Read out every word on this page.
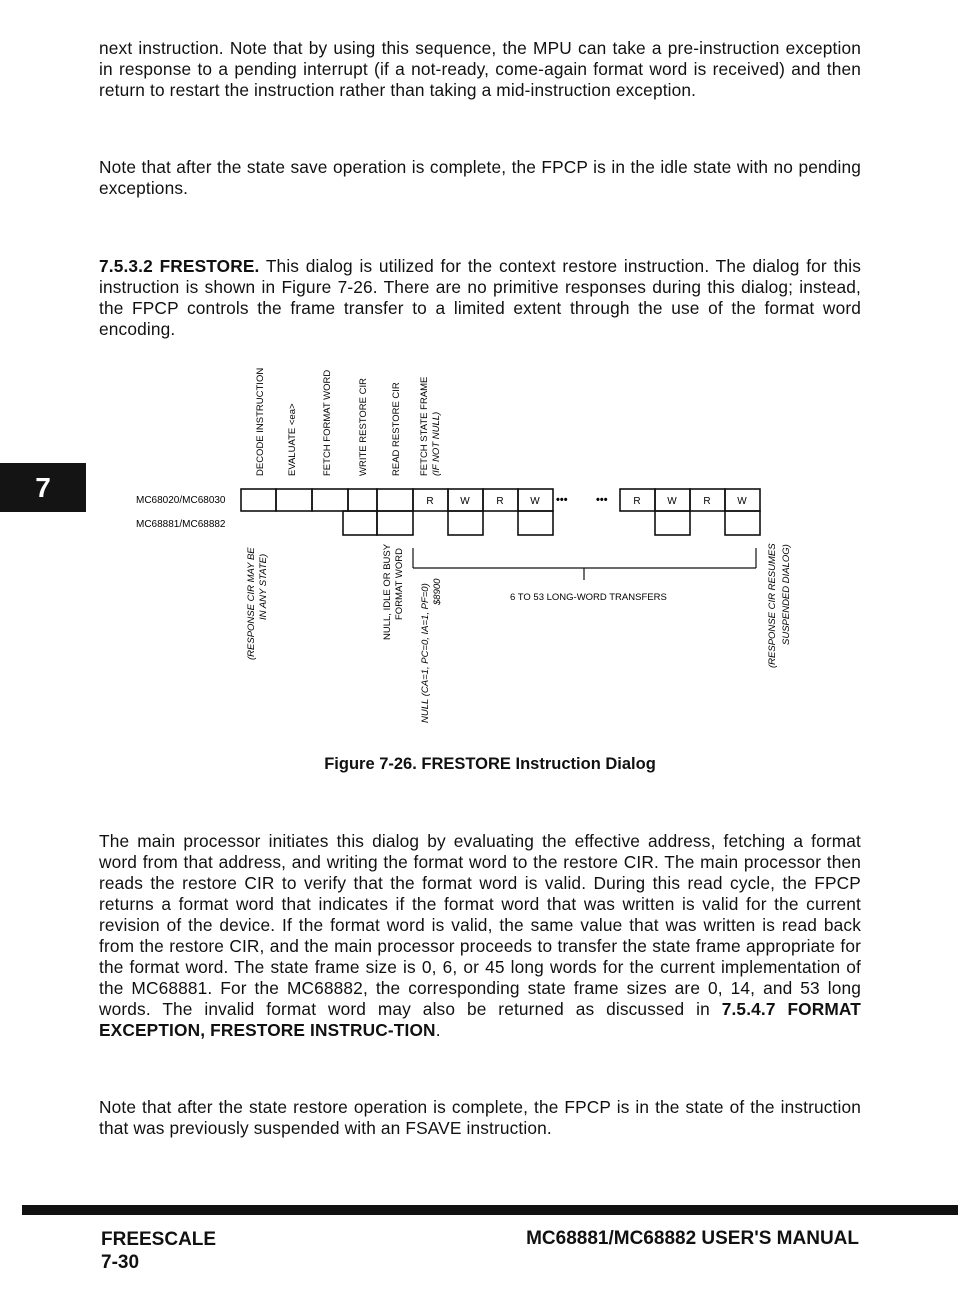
next instruction. Note that by using this sequence, the MPU can take a pre-instruction exception in response to a pending interrupt (if a not-ready, come-again format word is received) and then return to restart the instruction rather than taking a mid-instruction exception.
Note that after the state save operation is complete, the FPCP is in the idle state with no pending exceptions.
7.5.3.2 FRESTORE. This dialog is utilized for the context restore instruction. The dialog for this instruction is shown in Figure 7-26. There are no primitive responses during this dialog; instead, the FPCP controls the frame transfer to a limited extent through the use of the format word encoding.
7
DECODE INSTRUCTION EVALUATE <ea>	FETCH FORMAT WORD	WRITE RESTORE CIR READ RESTORE CIR FETCH STATE FRAME (IF NOT NULL)
MC68020/MC68030
MC68881/MC68882
R	W	R	W	R	W	R	W
•••	•••
6 TO 53 LONG-WORD TRANSFERS
(RESPONSE CIR MAY BE IN ANY STATE)	NULL, IDLE OR BUSY FORMAT WORD NULL (CA=1, PC=0, IA=1, PF=0) $8900	(RESPONSE CIR RESUMES SUSPENDED DIALOG)
Figure 7-26. FRESTORE Instruction Dialog
The main processor initiates this dialog by evaluating the effective address, fetching a format word from that address, and writing the format word to the restore CIR. The main processor then reads the restore CIR to verify that the format word is valid. During this read cycle, the FPCP returns a format word that indicates if the format word that was written is valid for the current revision of the device. If the format word is valid, the same value that was written is read back from the restore CIR, and the main processor proceeds to transfer the state frame appropriate for the format word. The state frame size is 0, 6, or 45 long words for the current implementation of the MC68881. For the MC68882, the corresponding state frame sizes are 0, 14, and 53 long words. The invalid format word may also be returned as discussed in 7.5.4.7 FORMAT EXCEPTION, FRESTORE INSTRUC-TION.
Note that after the state restore operation is complete, the FPCP is in the state of the instruction that was previously suspended with an FSAVE instruction.
FREESCALE
7-30
MC68881/MC68882 USER'S MANUAL
